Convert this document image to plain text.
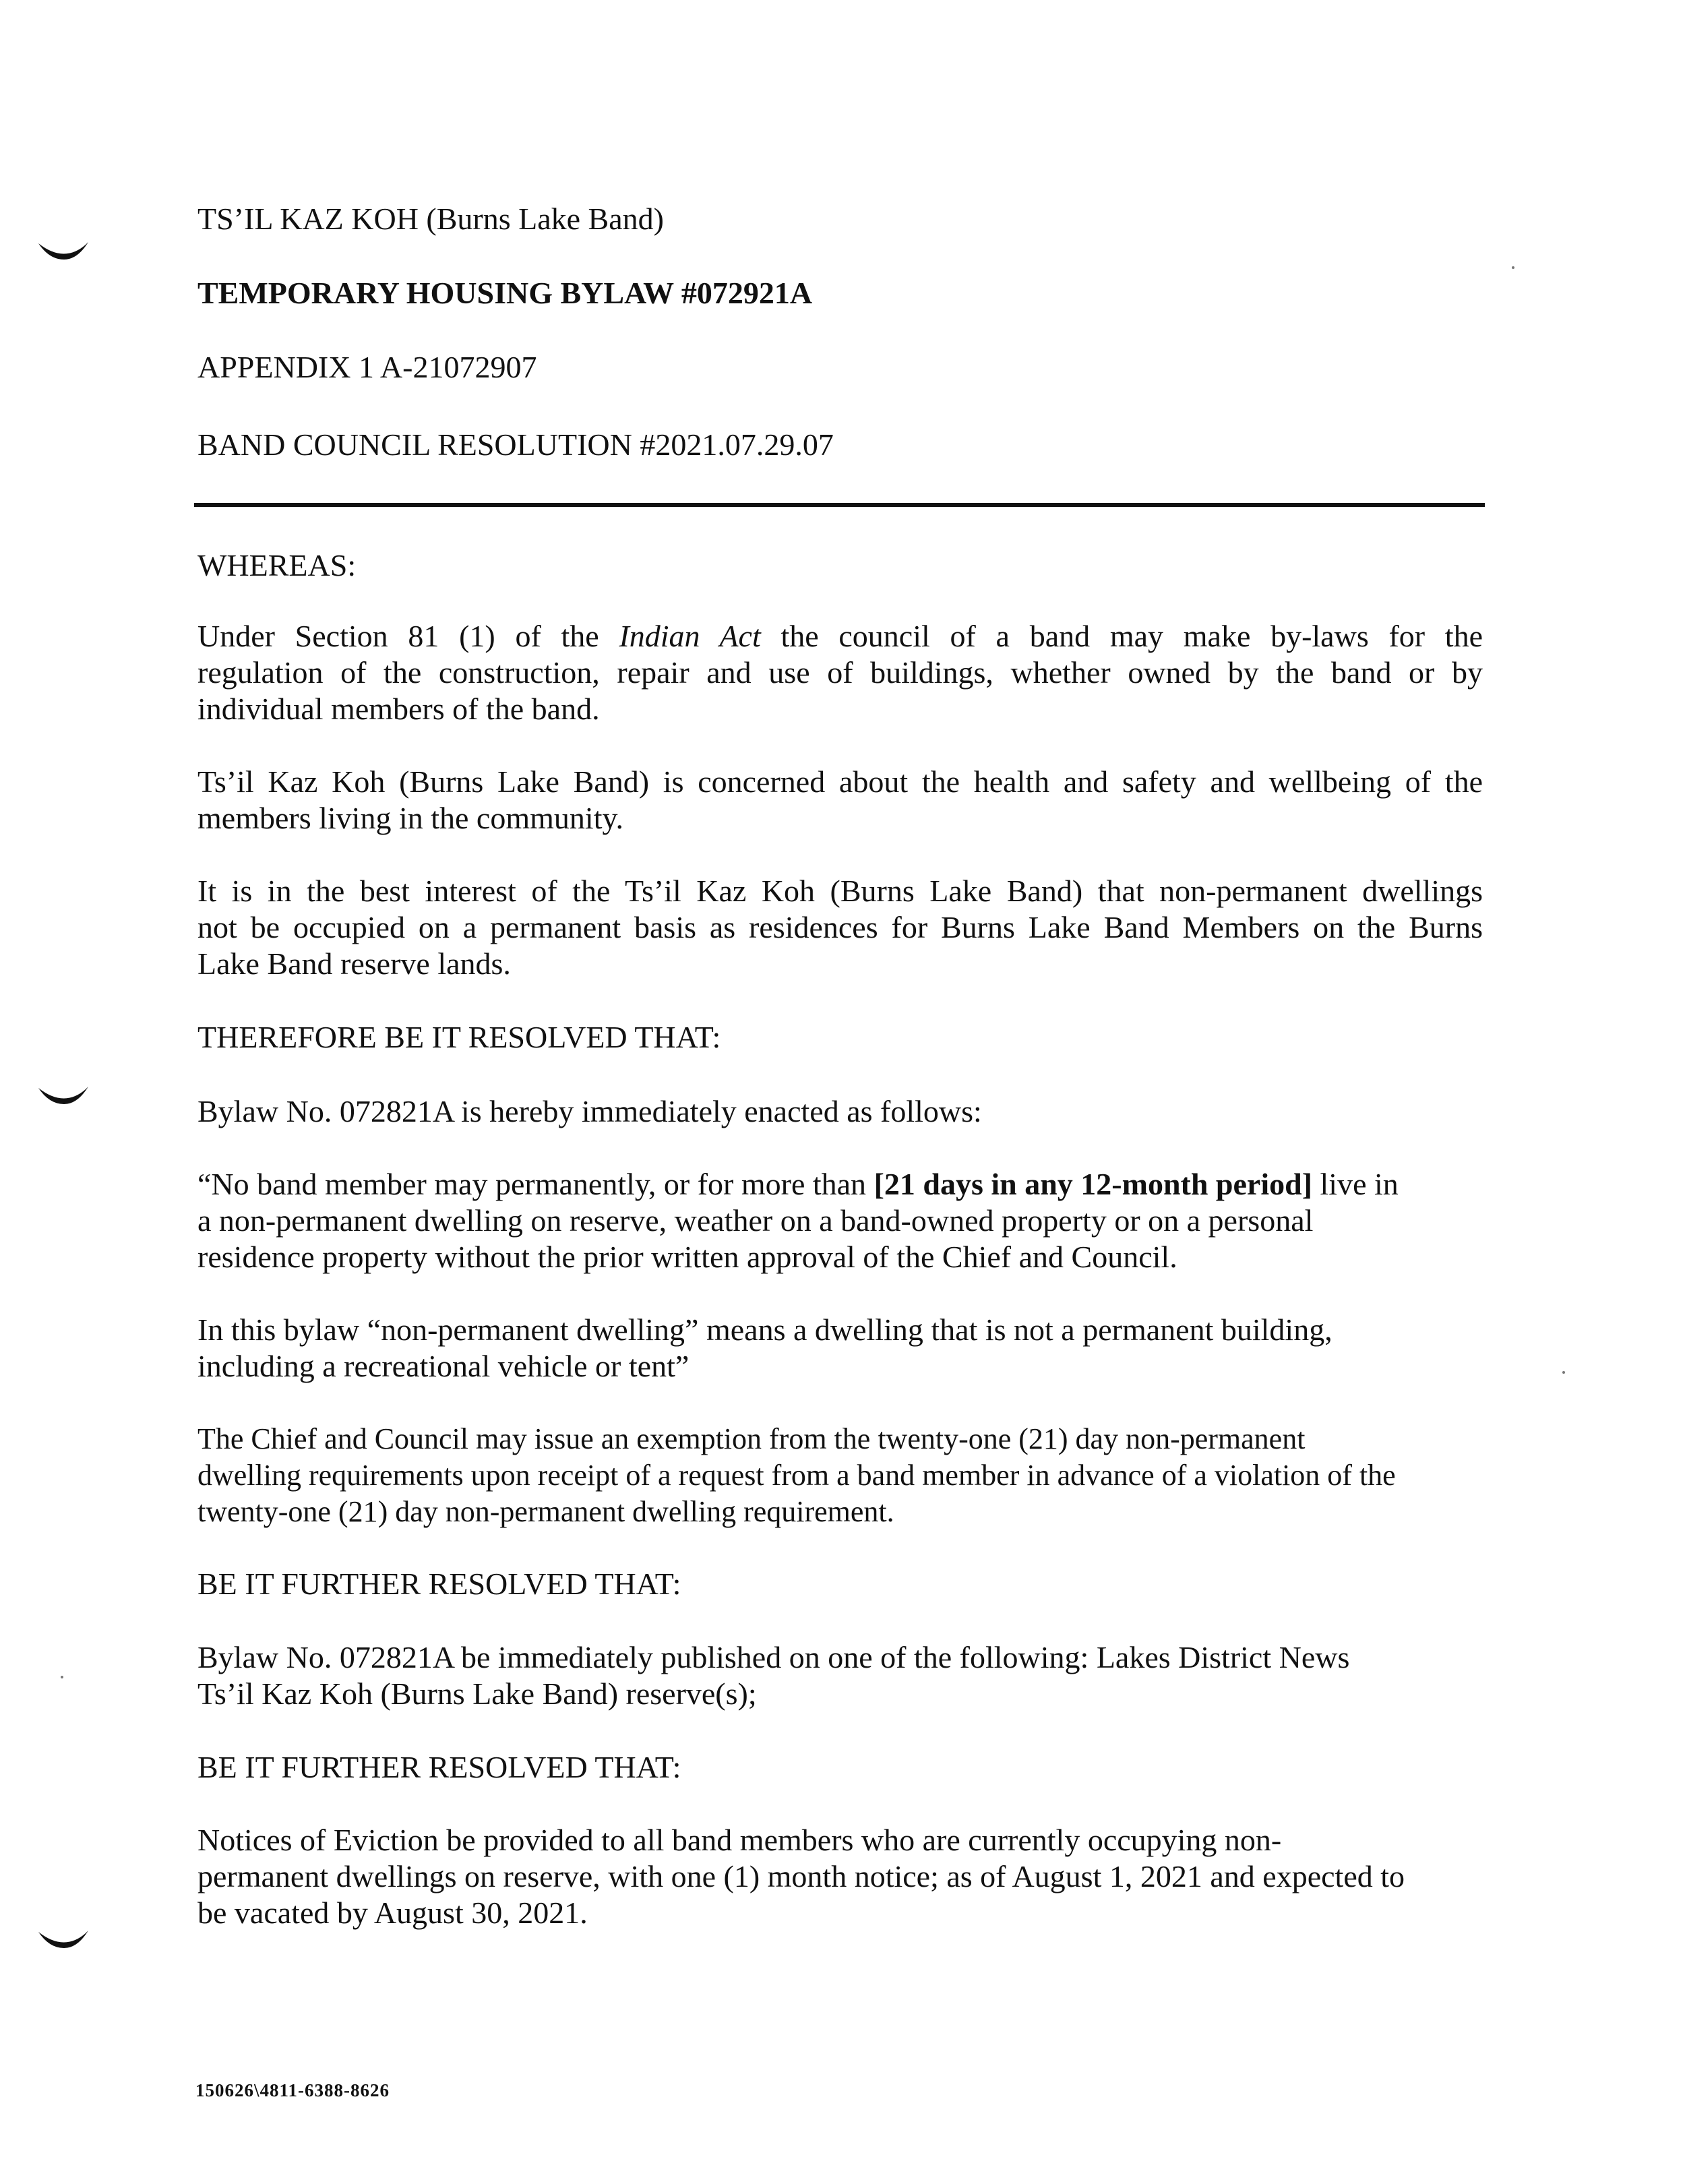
TS’IL KAZ KOH (Burns Lake Band)

TEMPORARY HOUSING BYLAW #072921A

APPENDIX 1 A-21072907

BAND COUNCIL RESOLUTION #2021.07.29.07

WHEREAS:

Under Section 81 (1) of the Indian Act the council of a band may make by-laws for the
regulation of the construction, repair and use of buildings, whether owned by the band or by
individual members of the band.
Ts’il Kaz Koh (Burns Lake Band) is concerned about the health and safety and wellbeing of the
members living in the community.
It is in the best interest of the Ts’il Kaz Koh (Burns Lake Band) that non-permanent dwellings
not be occupied on a permanent basis as residences for Burns Lake Band Members on the Burns
Lake Band reserve lands.

THEREFORE BE IT RESOLVED THAT:

Bylaw No. 072821A is hereby immediately enacted as follows:

“No band member may permanently, or for more than [21 days in any 12-month period] live in
a non-permanent dwelling on reserve, weather on a band-owned property or on a personal
residence property without the prior written approval of the Chief and Council.
In this bylaw “non-permanent dwelling” means a dwelling that is not a permanent building,
including a recreational vehicle or tent”
The Chief and Council may issue an exemption from the twenty-one (21) day non-permanent
dwelling requirements upon receipt of a request from a band member in advance of a violation of the
twenty-one (21) day non-permanent dwelling requirement.

BE IT FURTHER RESOLVED THAT:

Bylaw No. 072821A be immediately published on one of the following: Lakes District News
Ts’il Kaz Koh (Burns Lake Band) reserve(s);

BE IT FURTHER RESOLVED THAT:

Notices of Eviction be provided to all band members who are currently occupying non-
permanent dwellings on reserve, with one (1) month notice; as of August 1, 2021 and expected to
be vacated by August 30, 2021.
150626\4811-6388-8626
